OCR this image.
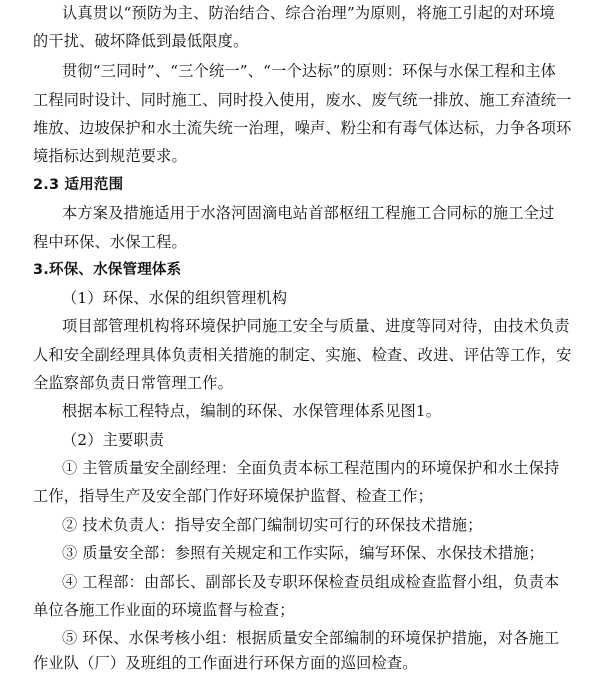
认真贯以“预防为主、防治结合、综合治理”为原则，将施工引起的对环境
的干扰、破坏降低到最低限度。
贯彻“三同时”、“三个统一”、“一个达标”的原则：环保与水保工程和主体
工程同时设计、同时施工、同时投入使用，废水、废气统一排放、施工弃渣统一
堆放、边坡保护和水土流失统一治理，噪声、粉尘和有毒气体达标，力争各项环
境指标达到规范要求。
2.3 适用范围
本方案及措施适用于水洛河固滴电站首部枢纽工程施工合同标的施工全过
程中环保、水保工程。
3.环保、水保管理体系
（1）环保、水保的组织管理机构
项目部管理机构将环境保护同施工安全与质量、进度等同对待，由技术负责
人和安全副经理具体负责相关措施的制定、实施、检查、改进、评估等工作，安
全监察部负责日常管理工作。
根据本标工程特点，编制的环保、水保管理体系见图1。
（2）主要职责
① 主管质量安全副经理：全面负责本标工程范围内的环境保护和水土保持
工作，指导生产及安全部门作好环境保护监督、检查工作；
② 技术负责人：指导安全部门编制切实可行的环保技术措施；
③ 质量安全部：参照有关规定和工作实际，编写环保、水保技术措施；
④ 工程部：由部长、副部长及专职环保检查员组成检查监督小组，负责本
单位各施工作业面的环境监督与检查；
⑤ 环保、水保考核小组：根据质量安全部编制的环境保护措施，对各施工
作业队（厂）及班组的工作面进行环保方面的巡回检查。
